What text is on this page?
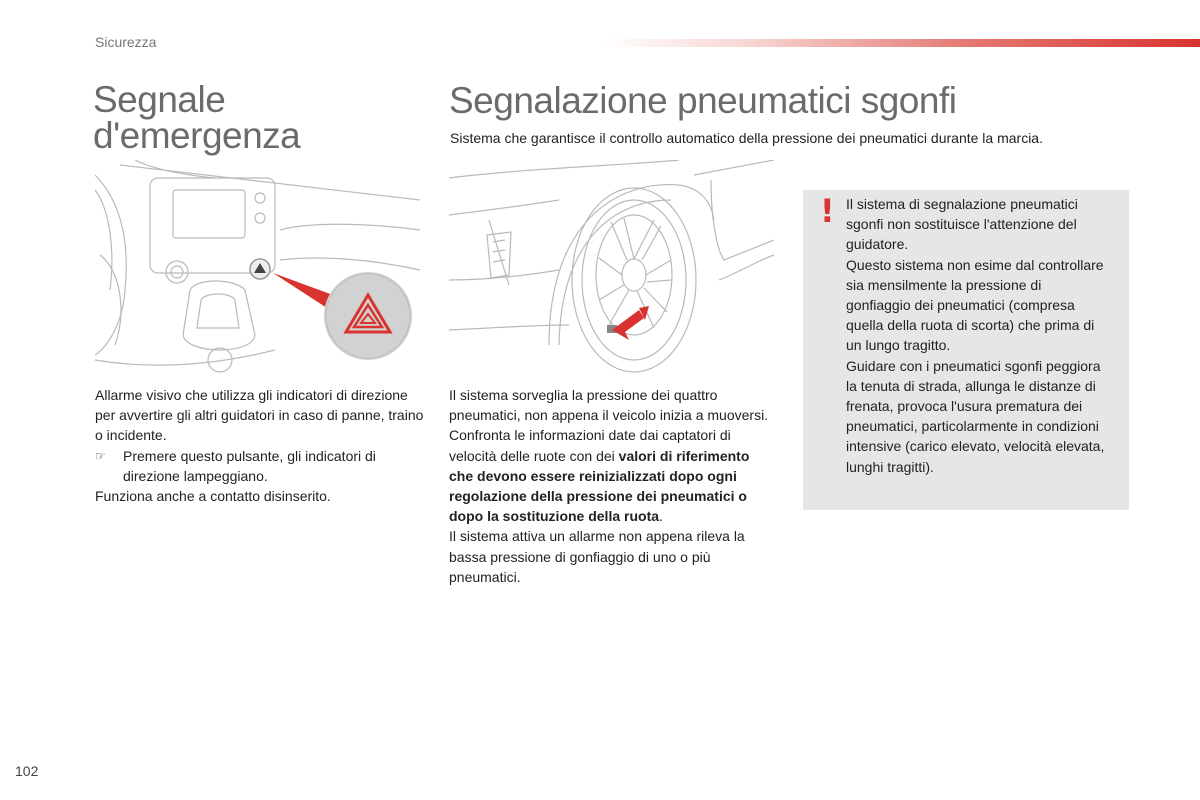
Sicurezza
Segnale
d'emergenza

Allarme visivo che utilizza gli indicatori di direzione per avvertire gli altri guidatori in caso di panne, traino o incidente.

☞	Premere questo pulsante, gli indicatori di direzione lampeggiano.

Funziona anche a contatto disinserito.

Segnalazione pneumatici sgonfi
Sistema che garantisce il controllo automatico della pressione dei pneumatici durante la marcia.

Il sistema sorveglia la pressione dei quattro pneumatici, non appena il veicolo inizia a muoversi.

Confronta le informazioni date dai captatori di velocità delle ruote con dei valori di riferimento che devono essere reinizializzati dopo ogni regolazione della pressione dei pneumatici o dopo la sostituzione della ruota.

Il sistema attiva un allarme non appena rileva la bassa pressione di gonfiaggio di uno o più pneumatici.

! Il sistema di segnalazione pneumatici sgonfi non sostituisce l'attenzione del guidatore.

Questo sistema non esime dal controllare sia mensilmente la pressione di gonfiaggio dei pneumatici (compresa quella della ruota di scorta) che prima di un lungo tragitto.

Guidare con i pneumatici sgonfi peggiora la tenuta di strada, allunga le distanze di frenata, provoca l'usura prematura dei pneumatici, particolarmente in condizioni intensive (carico elevato, velocità elevata, lunghi tragitti).

102
